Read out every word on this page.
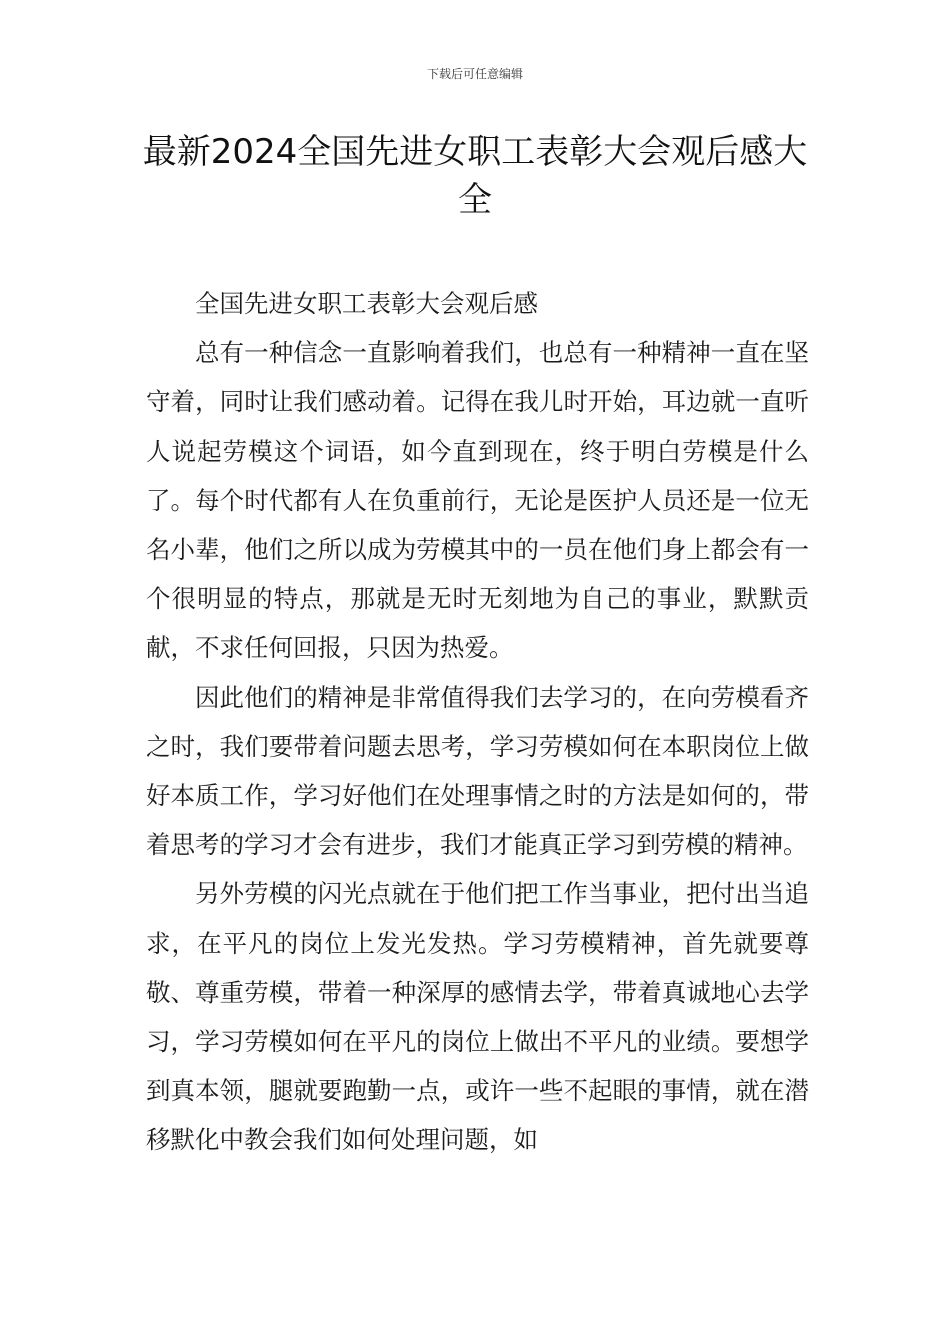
下载后可任意编辑
最新2024全国先进女职工表彰大会观后感大全

全国先进女职工表彰大会观后感

总有一种信念一直影响着我们，也总有一种精神一直在坚守着，同时让我们感动着。记得在我儿时开始，耳边就一直听人说起劳模这个词语，如今直到现在，终于明白劳模是什么了。每个时代都有人在负重前行，无论是医护人员还是一位无名小辈，他们之所以成为劳模其中的一员在他们身上都会有一个很明显的特点，那就是无时无刻地为自己的事业，默默贡献，不求任何回报，只因为热爱。

因此他们的精神是非常值得我们去学习的，在向劳模看齐之时，我们要带着问题去思考，学习劳模如何在本职岗位上做好本质工作，学习好他们在处理事情之时的方法是如何的，带着思考的学习才会有进步，我们才能真正学习到劳模的精神。

另外劳模的闪光点就在于他们把工作当事业，把付出当追求，在平凡的岗位上发光发热。学习劳模精神，首先就要尊敬、尊重劳模，带着一种深厚的感情去学，带着真诚地心去学习，学习劳模如何在平凡的岗位上做出不平凡的业绩。要想学到真本领，腿就要跑勤一点，或许一些不起眼的事情，就在潜移默化中教会我们如何处理问题，如
